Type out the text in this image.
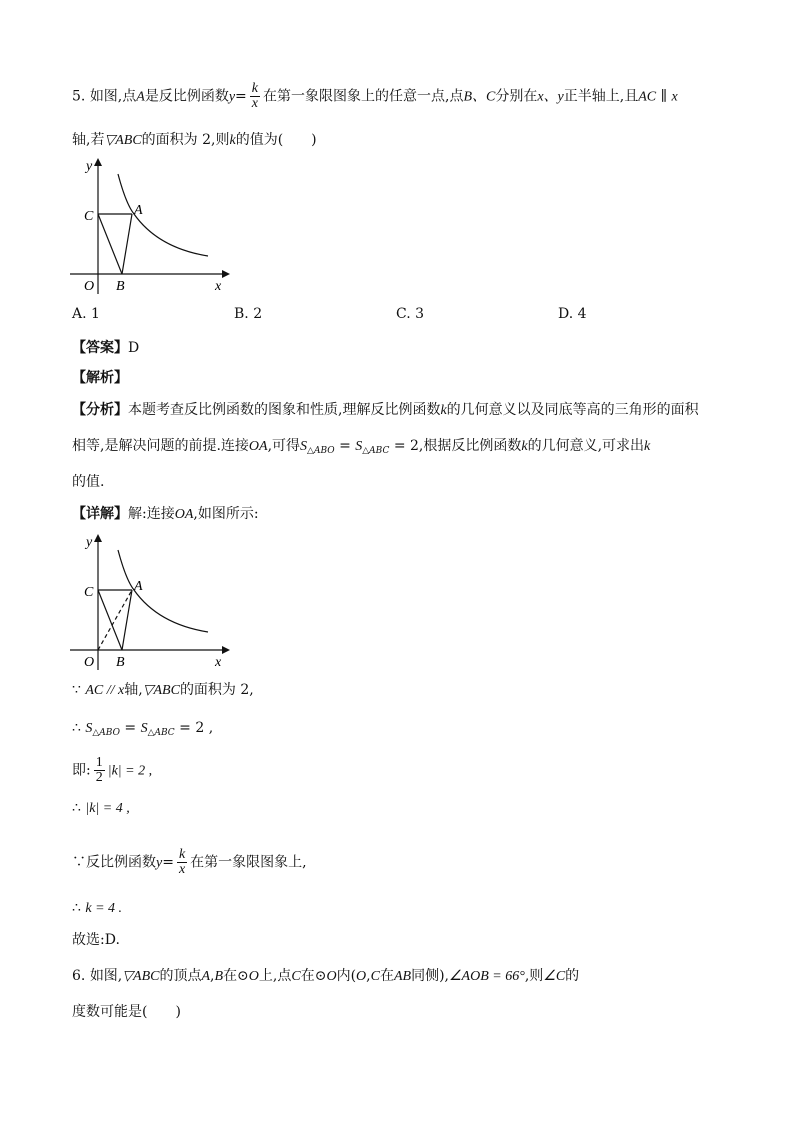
5. 如图,点A是反比例函数$y= \frac{k}{x}$ 在第一象限图象上的任意一点,点B、C分别在x、y正半轴上,且AC ∥ x
轴,若▽ABC的面积为 2,则k的值为( )
y
x
O B
C	A
A. 1	B. 2	C. 3	D. 4
【答案】D
【解析】
【分析】本题考查反比例函数的图象和性质,理解反比例函数k的几何意义以及同底等高的三角形的面积
相等,是解决问题的前提.连接OA,可得$S_{\triangle ABO} = S_{\triangle ABC} = 2$,根据反比例函数k的几何意义,可求出k
的值.
【详解】解:连接OA,如图所示:
y
x
O B
C	A
∵ AC // x轴,▽ABC的面积为 2,
∴ $S_{\triangle ABO} = S_{\triangle ABC} = 2$ ,
即: $\frac{1}{2} |k| = 2$ ,
∴ |k| = 4 ,
∵反比例函数$y= \frac{k}{x}$ 在第一象限图象上,
∴ k = 4 .
故选:D.
6. 如图,▽ABC的顶点A,B在⊙O上,点C在⊙O内(O,C在AB同侧),∠AOB = 66°,则∠C的
度数可能是( )
